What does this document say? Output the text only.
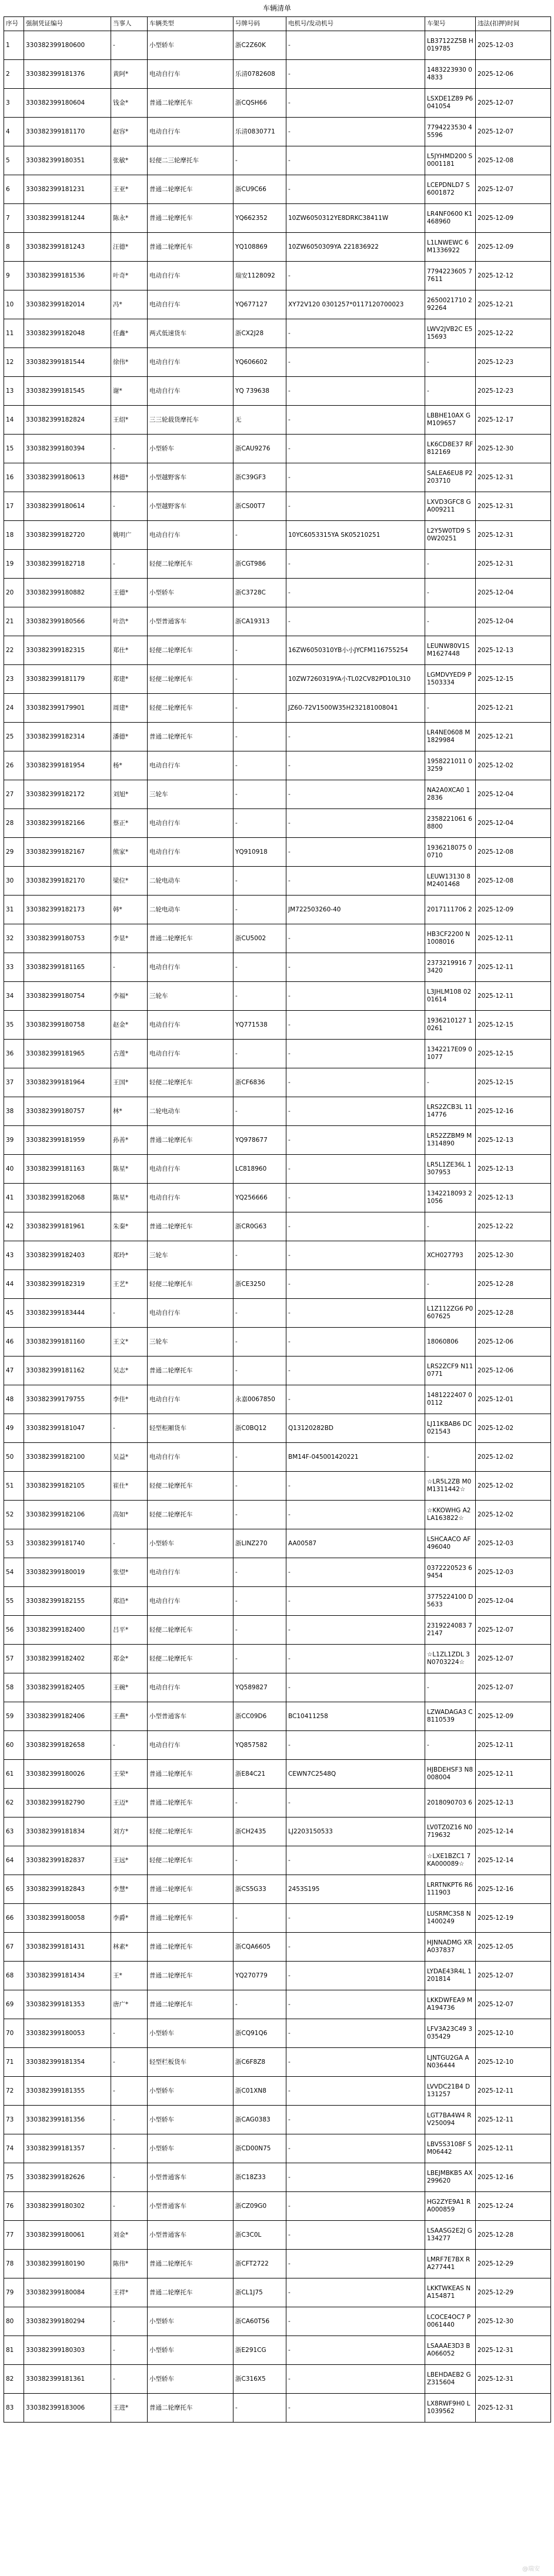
车辆清单
序号	强制凭证编号	当事人	车辆类型	号牌号码	电机号/发动机号	车架号	违法(扣押)时间
1	330382399180600	-	小型轿车	浙C2Z60K	-	LB37122Z5B H019785	2025-12-03
2	330382399181376	黄阿*	电动自行车	乐清0782608	-	1483223930 04833	2025-12-06
3	330382399180604	钱金*	普通二轮摩托车	浙CQSH66	-	LSXDE1Z89 P6041054	2025-12-07
4	330382399181170	赵容*	电动自行车	乐清0830771	-	7794223530 45596	2025-12-07
5	330382399180351	张敏*	轻便二三轮摩托车	-	-	L5JYHMD200 S0001181	2025-12-08
6	330382399181231	王亚*	普通二轮摩托车	浙CU9C66	-	LCEPDNLD7 S6001872	2025-12-07
7	330382399181244	陈永*	普通二轮摩托车	YQ662352	10ZW6050312YE8DRKC38411W	LR4NF0600 K1468960	2025-12-09
8	330382399181243	汪德*	普通二轮摩托车	YQ108869	10ZW6050309YA 221836922	L1LNWEWC 6M1336922	2025-12-09
9	330382399181536	叶奇*	电动自行车	瑞安1128092	-	7794223605 77611	2025-12-12
10	330382399182014	冯*	电动自行车	YQ677127	XY72V120 0301257*0117120700023	2650021710 292264	2025-12-21
11	330382399182048	任鑫*	两式低速货车	浙CX2J28	-	LWV2JVB2C E515693	2025-12-22
12	330382399181544	徐伟*	电动自行车	YQ606602	-	-	2025-12-23
13	330382399181545	谢*	电动自行车	YQ 739638	-	-	2025-12-23
14	330382399182824	王绍*	三三轮载货摩托车	无	-	LBBHE10AX GM109657	2025-12-17
15	330382399180394	-	小型轿车	浙CAU9276	-	LK6CD8E37 RF812169	2025-12-30
16	330382399180613	林德*	小型越野客车	浙C39GF3	-	SALEA6EU8 P2203710	2025-12-31
17	330382399180614	-	小型越野客车	浙CS00T7	-	LXVD3GFC8 GA009211	2025-12-31
18	330382399182720	姚明广	电动自行车	-	10YC6053315YA SK05210251	L2Y5W0TD9 S0W20251	2025-12-31
19	330382399182718	-	轻便二轮摩托车	浙CGT986	-	-	2025-12-31
20	330382399180882	王德*	小型轿车	浙C3728C	-	-	2025-12-04
21	330382399180566	叶浩*	小型普通客车	浙CA19313	-	-	2025-12-04
22	330382399182315	郑仕*	轻便二轮摩托车	-	16ZW6050310YB小小JYCFM116755254	LEUNW80V1S M1627448	2025-12-13
23	330382399181179	郑建*	轻便二轮摩托车	-	10ZW7260319YA小TL02CV82PD10L310	LGMDVYED9 P1503334	2025-12-15
24	330382399179901	周建*	轻便二轮摩托车	-	JZ60-72V1500W35H232181008041	-	2025-12-21
25	330382399182314	潘德*	普通二轮摩托车	-	-	LR4NE0608 M1829984	2025-12-21
26	330382399181954	杨*	电动自行车	-	-	1958221011 03259	2025-12-02
27	330382399182172	刘旭*	三轮车	-	-	NA2A0XCA0 12836	2025-12-04
28	330382399182166	蔡正*	电动自行车	-	-	2358221061 68800	2025-12-04
29	330382399182167	熊家*	电动自行车	YQ910918	-	1936218075 00710	2025-12-08
30	330382399182170	梁位*	二轮电动车	-	-	LEUW13130 8M2401468	2025-12-08
31	330382399182173	韩*	二轮电动车	-	JM722503260-40	2017111706 2	2025-12-09
32	330382399180753	李显*	普通二轮摩托车	浙CU5002	-	HB3CF2200 N1008016	2025-12-11
33	330382399181165	-	电动自行车	-	-	2373219916 73420	2025-12-11
34	330382399180754	李福*	三轮车	-	-	L3JHLM108 0201614	2025-12-11
35	330382399180758	赵金*	电动自行车	YQ771538	-	1936210127 10261	2025-12-15
36	330382399181965	古莲*	电动自行车	-	-	1342217E09 01077	2025-12-15
37	330382399181964	王国*	轻便二轮摩托车	浙CF6836	-	-	2025-12-15
38	330382399180757	林*	二轮电动车	-	-	LRS2ZCB3L 1114776	2025-12-16
39	330382399181959	孙善*	普通二轮摩托车	YQ978677	-	LR52ZZBM9 M1314890	2025-12-13
40	330382399181163	陈星*	电动自行车	LC818960	-	LR5L1ZE36L 1307953	2025-12-13
41	330382399182068	陈星*	电动自行车	YQ256666	-	1342218093 21056	2025-12-13
42	330382399181961	朱秦*	普通二轮摩托车	浙CR0G63	-	-	2025-12-22
43	330382399182403	郑玲*	三轮车	-	-	XCH027793	2025-12-30
44	330382399182319	王艺*	轻便二轮摩托车	浙CE3250	-	-	2025-12-28
45	330382399183444	-	电动自行车	-	-	L1Z112ZG6 P0607625	2025-12-28
46	330382399181160	王文*	三轮车	-	-	18060806	2025-12-06
47	330382399181162	吴志*	普通二轮摩托车	-	-	LRS2ZCF9 N110771	2025-12-06
48	330382399179755	李佳*	电动自行车	永嘉0067850	-	1481222407 00112	2025-12-01
49	330382399181047	-	轻型柜厢货车	浙C0BQ12	Q13120282BD	LJ11KBAB6 DC021543	2025-12-02
50	330382399182100	吴益*	电动自行车	-	BM14F-045001420221	-	2025-12-02
51	330382399182105	崔仕*	轻便二轮摩托车	-	-	☆LR5L2ZB M0M1311442☆	2025-12-02
52	330382399182106	高如*	轻便二轮摩托车	-	-	☆KKOWHG A2LA163822☆	2025-12-02
53	330382399181740	-	小型轿车	浙LINZ270	AA00587	LSHCAACO AF496040	2025-12-03
54	330382399180019	张望*	电动自行车	-	-	0372220523 69454	2025-12-03
55	330382399182155	郑沿*	电动自行车	-	-	3775224100 D5633	2025-12-04
56	330382399182400	吕平*	轻便二轮摩托车	-	-	2319224083 72147	2025-12-07
57	330382399182402	郑金*	轻便二轮摩托车	-	-	☆L1ZL1ZDL 3N0703224☆	2025-12-07
58	330382399182405	王碗*	电动自行车	YQ589827	-	-	2025-12-07
59	330382399182406	王燕*	小型普通客车	浙CC09D6	BC10411258	LZWADAGA3 C8110539	2025-12-09
60	330382399182658	-	电动自行车	YQ857582	-	-	2025-12-11
61	330382399180026	王荣*	普通二轮摩托车	浙E84C21	CEWN7C2548Q	HJBDEHSF3 N8008004	2025-12-11
62	330382399182790	王迈*	普通二轮摩托车	-	-	2018090703 6	2025-12-13
63	330382399181834	刘方*	轻便二轮摩托车	浙CH2435	LJ2203150533	LV0TZ0Z16 N0719632	2025-12-14
64	330382399182837	王远*	轻便二轮摩托车	-	-	☆LXE1BZC1 7KA000089☆	2025-12-14
65	330382399182843	李慧*	普通二轮摩托车	浙CS5G33	2453S195	LRRTNKPT6 R6111903	2025-12-16
66	330382399180058	李爵*	普通二轮摩托车	-	-	LUSRMC3S8 N1400249	2025-12-19
67	330382399181431	林素*	普通二轮摩托车	浙CQA6605	-	HJNNADMG XRA037837	2025-12-05
68	330382399181434	王*	普通二轮摩托车	YQ270779	-	LYDAE43R4L 1201814	2025-12-07
69	330382399181353	唐广*	普通二轮摩托车	-	-	LKKDWFEA9 MA194736	2025-12-07
70	330382399180053	-	小型轿车	浙CQ91Q6	-	LFV3A23C49 3035429	2025-12-10
71	330382399181354	-	轻型栏板货车	浙C6F8Z8	-	LJNTGU2GA AN036444	2025-12-10
72	330382399181355	-	小型轿车	浙C01XN8	-	LVVDC21B4 D131257	2025-12-11
73	330382399181356	-	小型轿车	浙CAG0383	-	LGT7BA4W4 RV250094	2025-12-11
74	330382399181357	-	小型轿车	浙CD00N75	-	LBV5S3108F SM06442	2025-12-11
75	330382399182626	-	小型普通客车	浙C18Z33	-	LBEJMBKB5 AX299620	2025-12-16
76	330382399180302	-	小型普通客车	浙CZ09G0	-	HG2ZYE9A1 RA000859	2025-12-24
77	330382399180061	刘金*	小型普通客车	浙C3C0L	-	LSAASG2E2J G134277	2025-12-28
78	330382399180190	陈伟*	普通二轮摩托车	浙CFT2722	-	LMRF7E7BX RA277441	2025-12-29
79	330382399180084	王祥*	普通二轮摩托车	浙CL1J75	-	LKKTWKEAS NA154871	2025-12-29
80	330382399180294	-	小型轿车	浙CA60T56	-	LCOCE4OC7 P0061440	2025-12-30
81	330382399180303	-	小型轿车	浙E291CG	-	LSAAAE3D3 BA066052	2025-12-31
82	330382399181361	-	小型轿车	浙C316X5	-	LBEHDAEB2 GZ315604	2025-12-31
83	330382399183006	王进*	普通二轮摩托车	-	-	LX8RWF9H0 L1039562	2025-12-31
@瑞安
